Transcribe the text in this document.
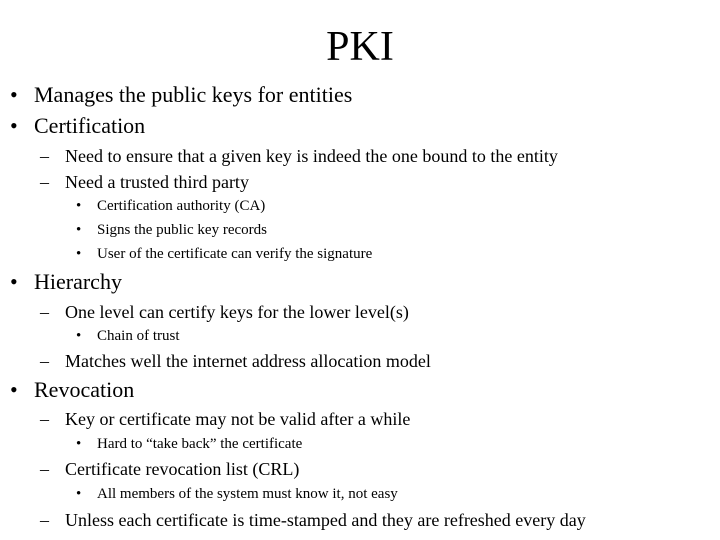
PKI
• Manages the public keys for entities
• Certification
– Need to ensure that a given key is indeed the one bound to the entity
– Need a trusted third party
• Certification authority (CA)
• Signs the public key records
• User of the certificate can verify the signature
• Hierarchy
– One level can certify keys for the lower level(s)
• Chain of trust
– Matches well the internet address allocation model
• Revocation
– Key or certificate may not be valid after a while
• Hard to “take back” the certificate
– Certificate revocation list (CRL)
• All members of the system must know it, not easy
– Unless each certificate is time-stamped and they are refreshed every day
